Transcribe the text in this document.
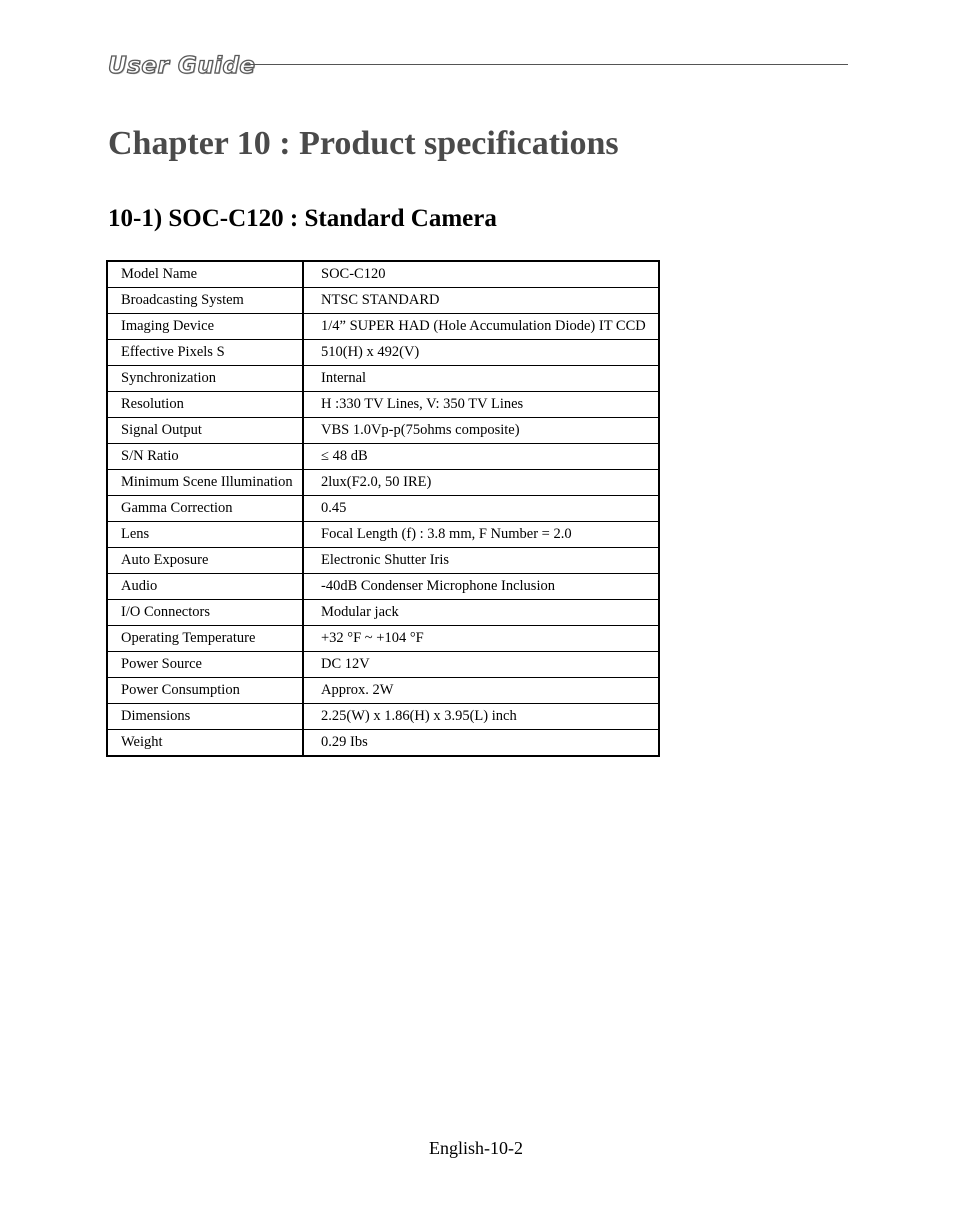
User Guide
Chapter 10 : Product specifications
10-1) SOC-C120 : Standard Camera
Model Name	SOC-C120
Broadcasting System	NTSC STANDARD
Imaging Device	1/4” SUPER HAD (Hole Accumulation Diode) IT CCD
Effective Pixels S	510(H) x 492(V)
Synchronization	Internal
Resolution	H :330 TV Lines, V: 350 TV Lines
Signal Output	VBS 1.0Vp-p(75ohms composite)
S/N Ratio	≤ 48 dB
Minimum Scene Illumination	2lux(F2.0, 50 IRE)
Gamma Correction	0.45
Lens	Focal Length (f) : 3.8 mm, F Number = 2.0
Auto Exposure	Electronic Shutter Iris
Audio	-40dB Condenser Microphone Inclusion
I/O Connectors	Modular jack
Operating Temperature	+32 °F ~ +104 °F
Power Source	DC 12V
Power Consumption	Approx. 2W
Dimensions	2.25(W) x 1.86(H) x 3.95(L) inch
Weight	0.29 Ibs
English-10-2
